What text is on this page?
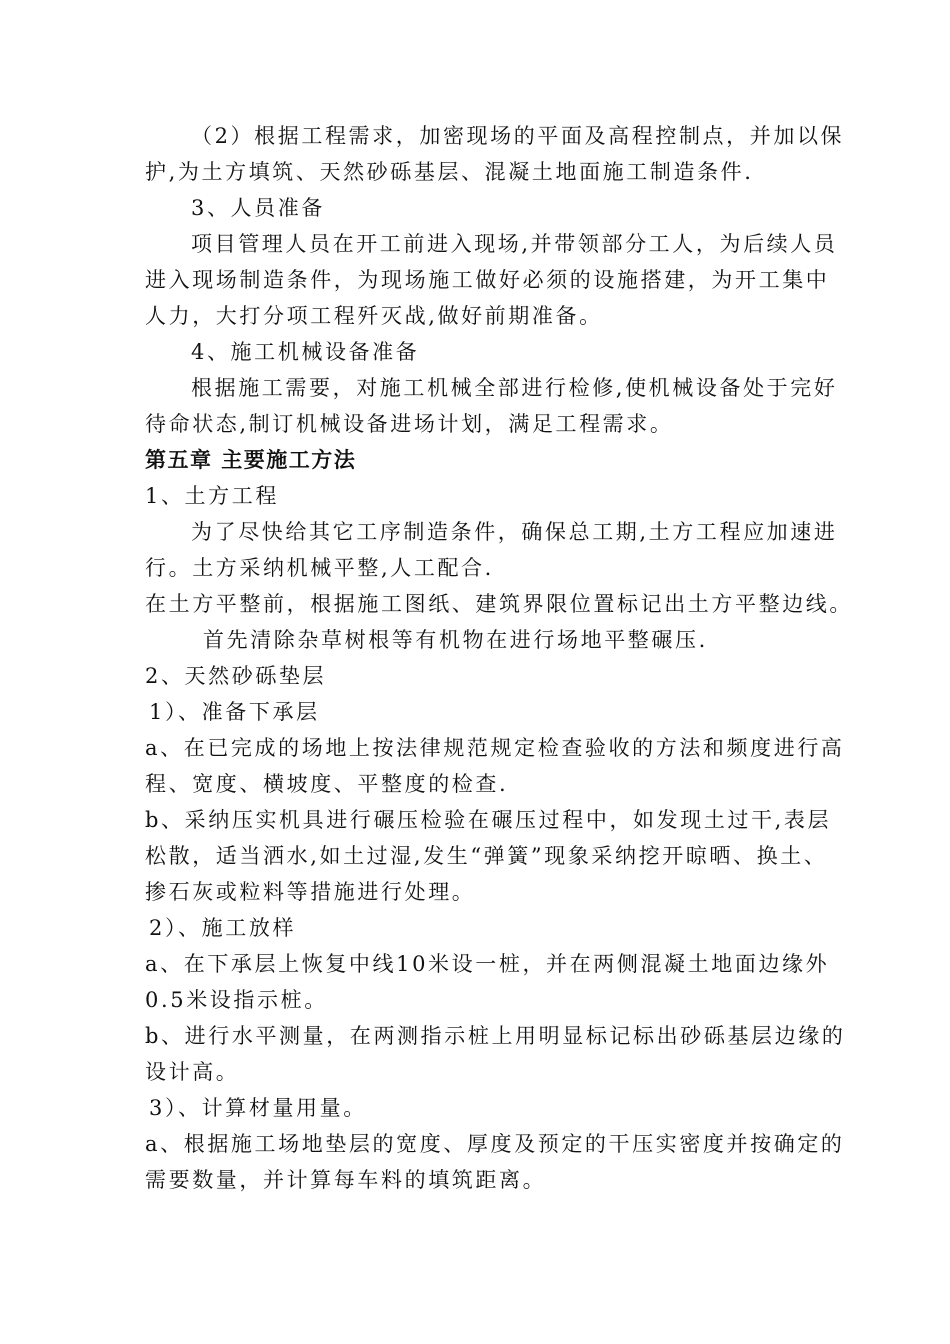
（2）根据工程需求，加密现场的平面及高程控制点，并加以保
护,为土方填筑、天然砂砾基层、混凝土地面施工制造条件.
3、人员准备
项目管理人员在开工前进入现场,并带领部分工人，为后续人员
进入现场制造条件，为现场施工做好必须的设施搭建，为开工集中
人力，大打分项工程歼灭战,做好前期准备。
4、施工机械设备准备
根据施工需要，对施工机械全部进行检修,使机械设备处于完好
待命状态,制订机械设备进场计划，满足工程需求。
第五章 主要施工方法
1、土方工程
为了尽快给其它工序制造条件，确保总工期,土方工程应加速进
行。土方采纳机械平整,人工配合.
在土方平整前，根据施工图纸、建筑界限位置标记出土方平整边线。
首先清除杂草树根等有机物在进行场地平整碾压.
2、天然砂砾垫层
1）、准备下承层
a、在已完成的场地上按法律规范规定检查验收的方法和频度进行高
程、宽度、横坡度、平整度的检查.
b、采纳压实机具进行碾压检验在碾压过程中，如发现土过干,表层
松散，适当洒水,如土过湿,发生“弹簧”现象采纳挖开晾晒、换土、
掺石灰或粒料等措施进行处理。
2）、施工放样
a、在下承层上恢复中线10米设一桩，并在两侧混凝土地面边缘外
0.5米设指示桩。
b、进行水平测量，在两测指示桩上用明显标记标出砂砾基层边缘的
设计高。
3）、计算材量用量。
a、根据施工场地垫层的宽度、厚度及预定的干压实密度并按确定的
需要数量，并计算每车料的填筑距离。
